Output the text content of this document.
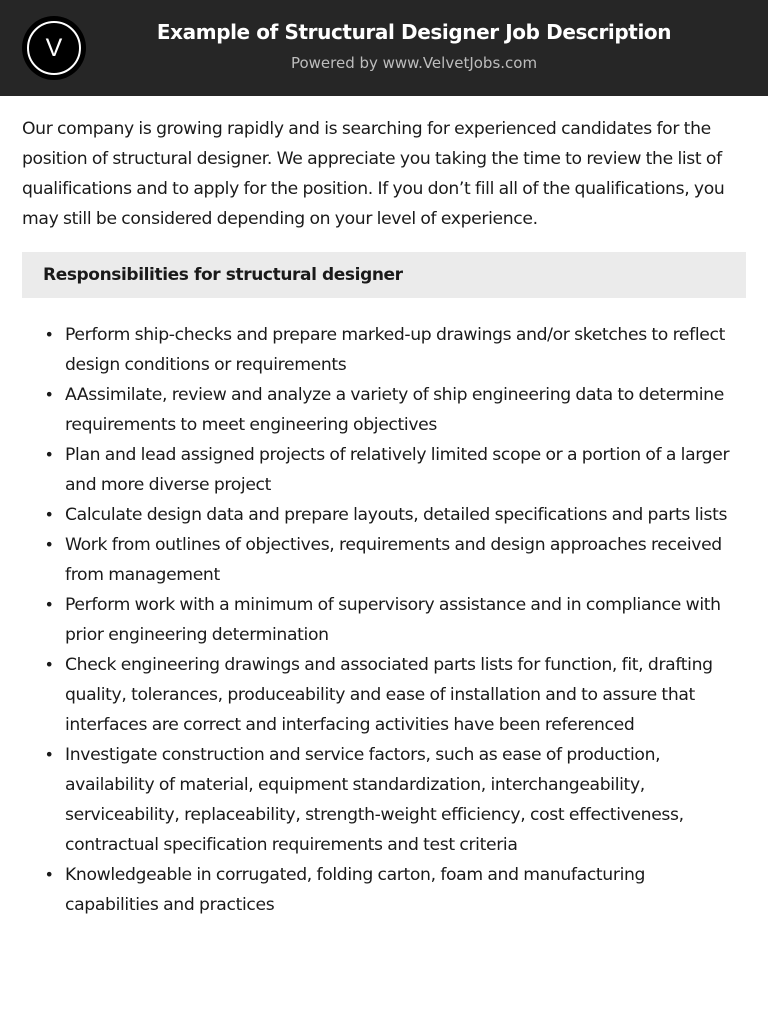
V
Example of Structural Designer Job Description
Powered by www.VelvetJobs.com

Our company is growing rapidly and is searching for experienced candidates for the position of structural designer. We appreciate you taking the time to review the list of qualifications and to apply for the position. If you don’t fill all of the qualifications, you may still be considered depending on your level of experience.

Responsibilities for structural designer
• Perform ship-checks and prepare marked-up drawings and/or sketches to reflect design conditions or requirements
• AAssimilate, review and analyze a variety of ship engineering data to determine requirements to meet engineering objectives
• Plan and lead assigned projects of relatively limited scope or a portion of a larger and more diverse project
• Calculate design data and prepare layouts, detailed specifications and parts lists
• Work from outlines of objectives, requirements and design approaches received from management
• Perform work with a minimum of supervisory assistance and in compliance with prior engineering determination
• Check engineering drawings and associated parts lists for function, fit, drafting quality, tolerances, produceability and ease of installation and to assure that interfaces are correct and interfacing activities have been referenced
• Investigate construction and service factors, such as ease of production, availability of material, equipment standardization, interchangeability, serviceability, replaceability, strength-weight efficiency, cost effectiveness, contractual specification requirements and test criteria
• Knowledgeable in corrugated, folding carton, foam and manufacturing capabilities and practices
